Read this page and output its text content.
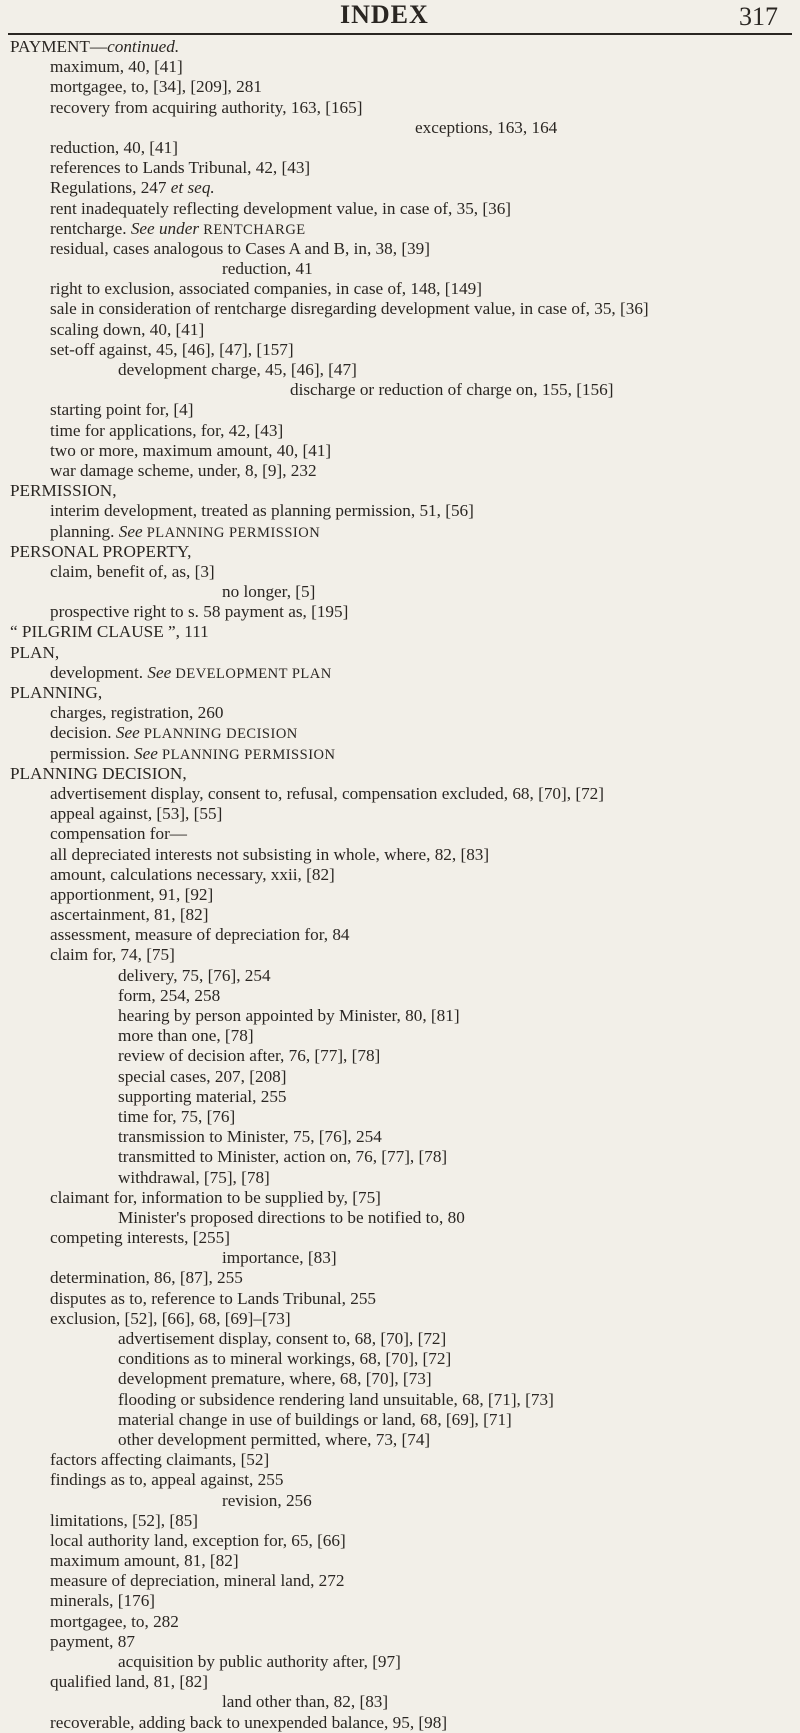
INDEX	317
PAYMENT—continued.
maximum, 40, [41]
mortgagee, to, [34], [209], 281
recovery from acquiring authority, 163, [165]
exceptions, 163, 164
reduction, 40, [41]
references to Lands Tribunal, 42, [43]
Regulations, 247 et seq.
rent inadequately reflecting development value, in case of, 35, [36]
rentcharge. See under RENTCHARGE
residual, cases analogous to Cases A and B, in, 38, [39]
reduction, 41
right to exclusion, associated companies, in case of, 148, [149]
sale in consideration of rentcharge disregarding development value, in case of, 35, [36]
scaling down, 40, [41]
set-off against, 45, [46], [47], [157]
development charge, 45, [46], [47]
discharge or reduction of charge on, 155, [156]
starting point for, [4]
time for applications, for, 42, [43]
two or more, maximum amount, 40, [41]
war damage scheme, under, 8, [9], 232
PERMISSION,
interim development, treated as planning permission, 51, [56]
planning. See PLANNING PERMISSION
PERSONAL PROPERTY,
claim, benefit of, as, [3]
no longer, [5]
prospective right to s. 58 payment as, [195]
“ PILGRIM CLAUSE ”, 111
PLAN,
development. See DEVELOPMENT PLAN
PLANNING,
charges, registration, 260
decision. See PLANNING DECISION
permission. See PLANNING PERMISSION
PLANNING DECISION,
advertisement display, consent to, refusal, compensation excluded, 68, [70], [72]
appeal against, [53], [55]
compensation for—
all depreciated interests not subsisting in whole, where, 82, [83]
amount, calculations necessary, xxii, [82]
apportionment, 91, [92]
ascertainment, 81, [82]
assessment, measure of depreciation for, 84
claim for, 74, [75]
delivery, 75, [76], 254
form, 254, 258
hearing by person appointed by Minister, 80, [81]
more than one, [78]
review of decision after, 76, [77], [78]
special cases, 207, [208]
supporting material, 255
time for, 75, [76]
transmission to Minister, 75, [76], 254
transmitted to Minister, action on, 76, [77], [78]
withdrawal, [75], [78]
claimant for, information to be supplied by, [75]
Minister's proposed directions to be notified to, 80
competing interests, [255]
importance, [83]
determination, 86, [87], 255
disputes as to, reference to Lands Tribunal, 255
exclusion, [52], [66], 68, [69]–[73]
advertisement display, consent to, 68, [70], [72]
conditions as to mineral workings, 68, [70], [72]
development premature, where, 68, [70], [73]
flooding or subsidence rendering land unsuitable, 68, [71], [73]
material change in use of buildings or land, 68, [69], [71]
other development permitted, where, 73, [74]
factors affecting claimants, [52]
findings as to, appeal against, 255
revision, 256
limitations, [52], [85]
local authority land, exception for, 65, [66]
maximum amount, 81, [82]
measure of depreciation, mineral land, 272
minerals, [176]
mortgagee, to, 282
payment, 87
acquisition by public authority after, [97]
qualified land, 81, [82]
land other than, 82, [83]
recoverable, adding back to unexpended balance, 95, [98]
